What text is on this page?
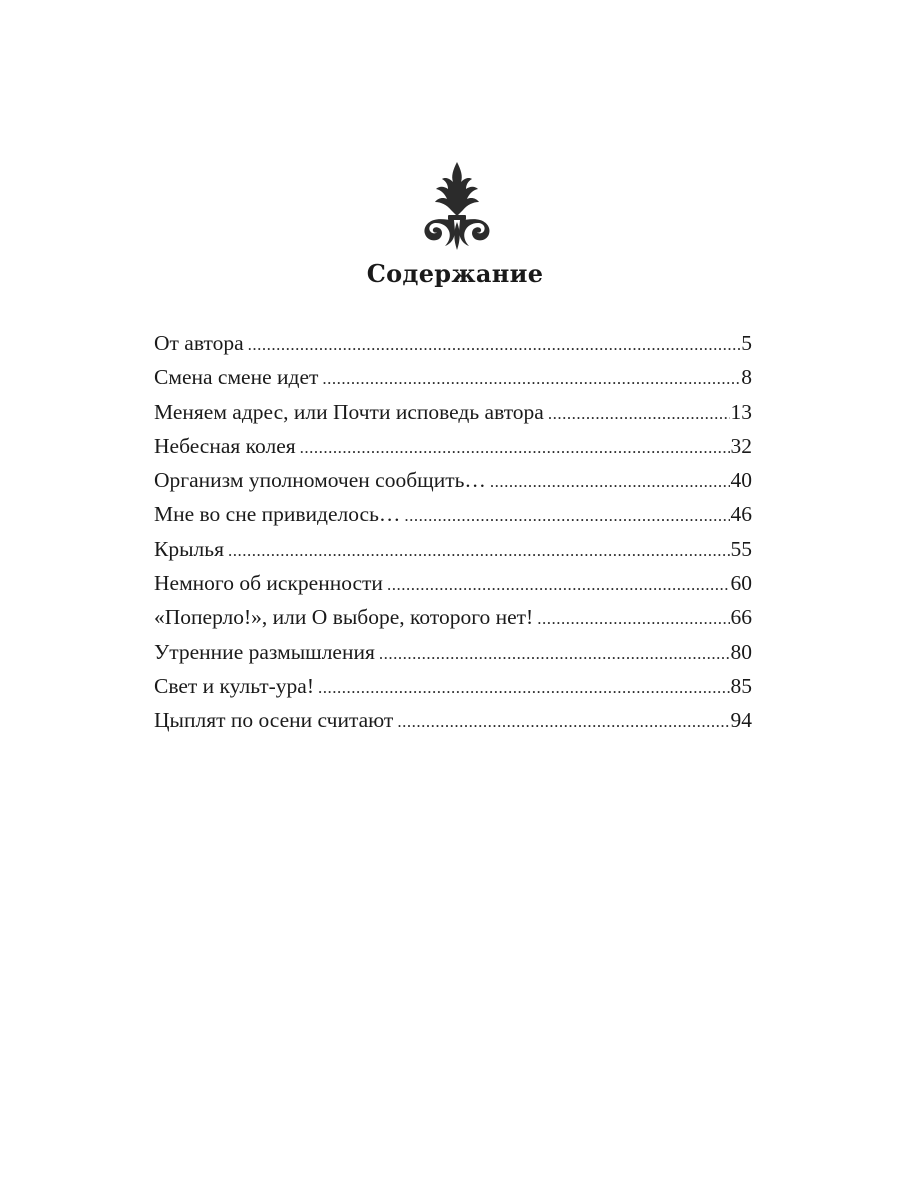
Содержание
От автора .....	5
Смена смене идет .....	8
Меняем адрес, или Почти исповедь автора .....	13
Небесная колея .....	32
Организм уполномочен сообщить… .....	40
Мне во сне привиделось… .....	46
Крылья .....	55
Немного об искренности .....	60
«Поперло!», или О выборе, которого нет! .....	66
Утренние размышления .....	80
Свет и культ-ура! .....	85
Цыплят по осени считают .....	94
